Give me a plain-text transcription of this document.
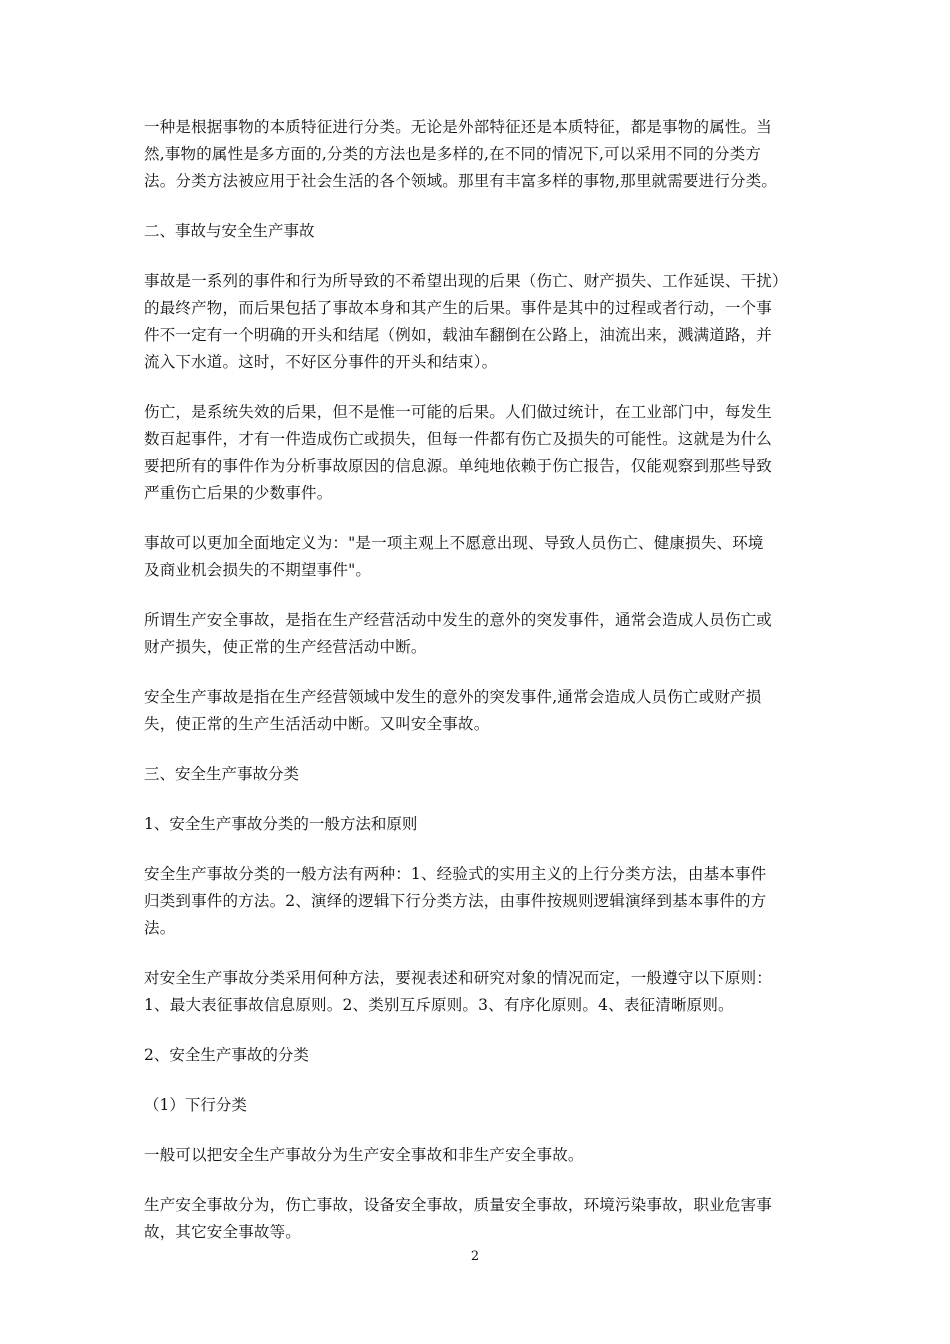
一种是根据事物的本质特征进行分类。无论是外部特征还是本质特征，都是事物的属性。当
然,事物的属性是多方面的,分类的方法也是多样的,在不同的情况下,可以采用不同的分类方
法。分类方法被应用于社会生活的各个领域。那里有丰富多样的事物,那里就需要进行分类。
二、事故与安全生产事故
事故是一系列的事件和行为所导致的不希望出现的后果（伤亡、财产损失、工作延误、干扰）
的最终产物，而后果包括了事故本身和其产生的后果。事件是其中的过程或者行动，一个事
件不一定有一个明确的开头和结尾（例如，载油车翻倒在公路上，油流出来，溅满道路，并
流入下水道。这时，不好区分事件的开头和结束）。
伤亡，是系统失效的后果，但不是惟一可能的后果。人们做过统计，在工业部门中，每发生
数百起事件，才有一件造成伤亡或损失，但每一件都有伤亡及损失的可能性。这就是为什么
要把所有的事件作为分析事故原因的信息源。单纯地依赖于伤亡报告，仅能观察到那些导致
严重伤亡后果的少数事件。
事故可以更加全面地定义为："是一项主观上不愿意出现、导致人员伤亡、健康损失、环境
及商业机会损失的不期望事件"。
所谓生产安全事故，是指在生产经营活动中发生的意外的突发事件，通常会造成人员伤亡或
财产损失，使正常的生产经营活动中断。
安全生产事故是指在生产经营领域中发生的意外的突发事件,通常会造成人员伤亡或财产损
失，使正常的生产生活活动中断。又叫安全事故。
三、安全生产事故分类
1、安全生产事故分类的一般方法和原则
安全生产事故分类的一般方法有两种：1、经验式的实用主义的上行分类方法，由基本事件
归类到事件的方法。2、演绎的逻辑下行分类方法，由事件按规则逻辑演绎到基本事件的方
法。
对安全生产事故分类采用何种方法，要视表述和研究对象的情况而定，一般遵守以下原则：
1、最大表征事故信息原则。2、类别互斥原则。3、有序化原则。4、表征清晰原则。
2、安全生产事故的分类
（1）下行分类
一般可以把安全生产事故分为生产安全事故和非生产安全事故。
生产安全事故分为，伤亡事故，设备安全事故，质量安全事故，环境污染事故，职业危害事
故，其它安全事故等。
2
